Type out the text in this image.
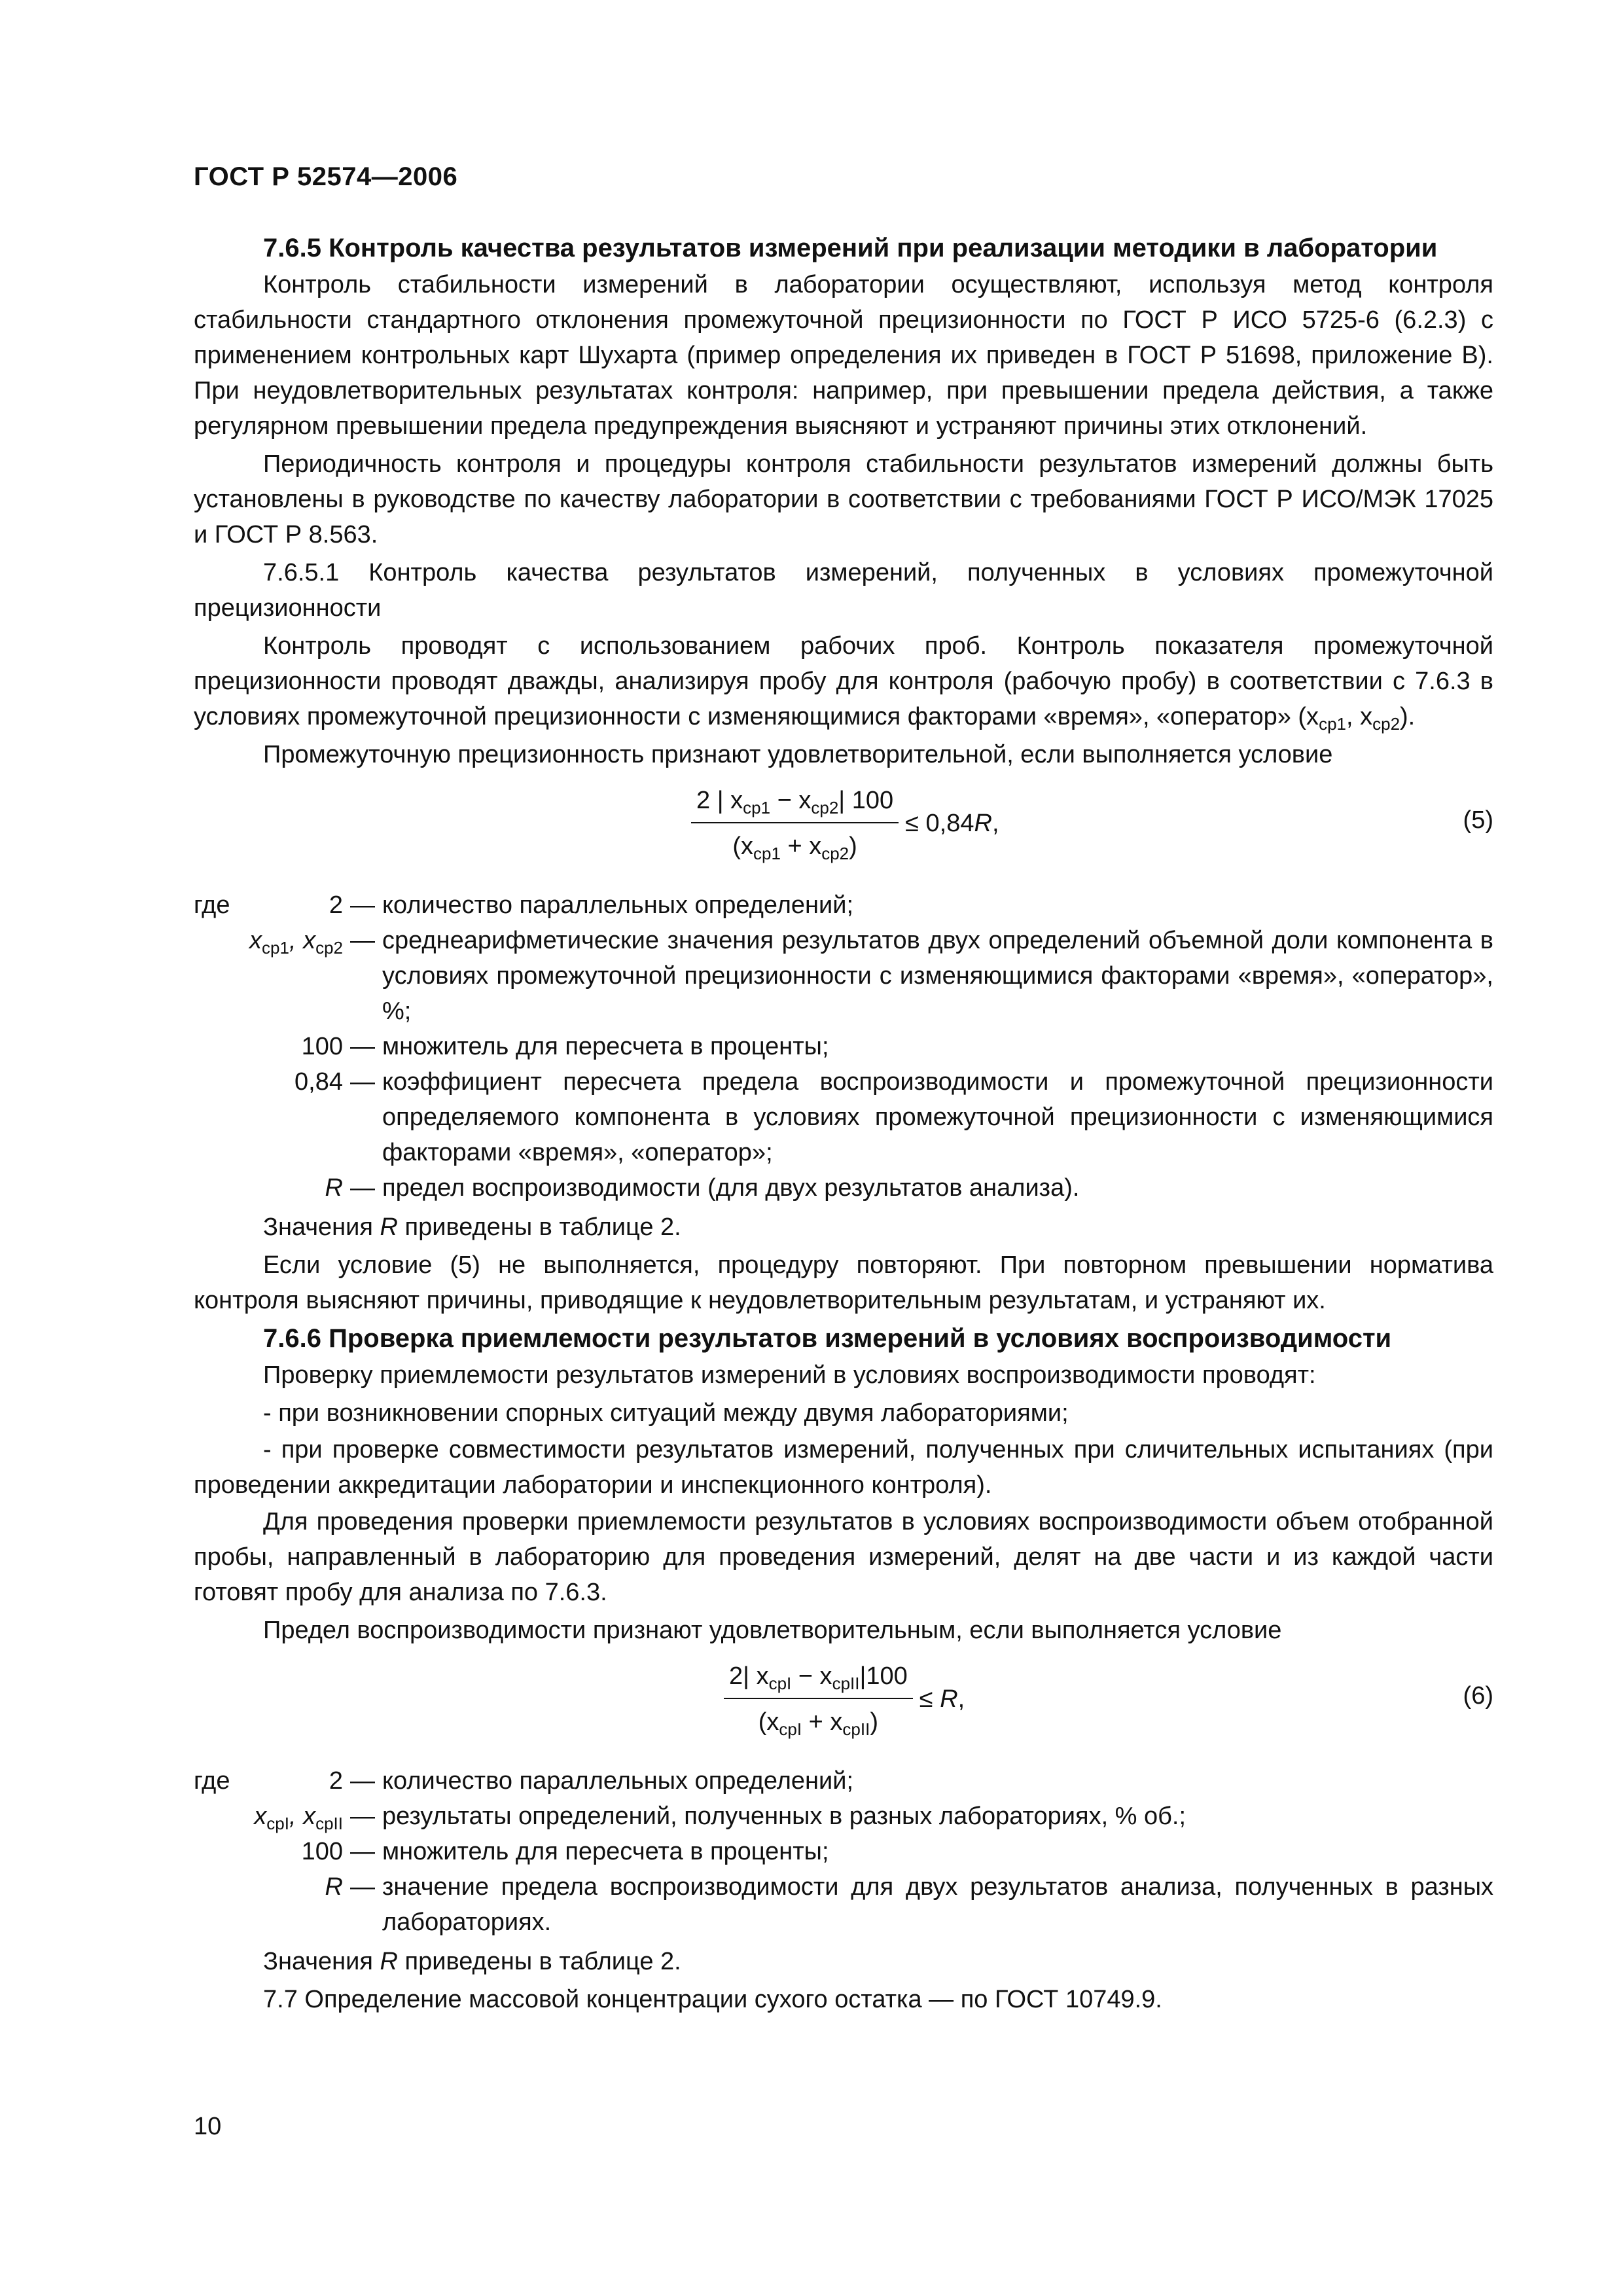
ГОСТ Р 52574—2006
7.6.5 Контроль качества результатов измерений при реализации методики в лаборатории
Контроль стабильности измерений в лаборатории осуществляют, используя метод контроля стабильности стандартного отклонения промежуточной прецизионности по ГОСТ Р ИСО 5725-6 (6.2.3) с применением контрольных карт Шухарта (пример определения их приведен в ГОСТ Р 51698, приложение В). При неудовлетворительных результатах контроля: например, при превышении предела действия, а также регулярном превышении предела предупреждения выясняют и устраняют причины этих отклонений.
Периодичность контроля и процедуры контроля стабильности результатов измерений должны быть установлены в руководстве по качеству лаборатории в соответствии с требованиями ГОСТ Р ИСО/МЭК 17025 и ГОСТ Р 8.563.
7.6.5.1 Контроль качества результатов измерений, полученных в условиях промежуточной прецизионности
Контроль проводят с использованием рабочих проб. Контроль показателя промежуточной прецизионности проводят дважды, анализируя пробу для контроля (рабочую пробу) в соответствии с 7.6.3 в условиях промежуточной прецизионности с изменяющимися факторами «время», «оператор» ($x_{ср1}$, $x_{ср2}$).
Промежуточную прецизионность признают удовлетворительной, если выполняется условие
$\frac{2 | x_{ср1} - x_{ср2}| 100}{(x_{ср1} + x_{ср2})} \le 0,84R$,	(5)
где	2 — количество параллельных определений;
$x_{ср1}$, $x_{ср2}$ — среднеарифметические значения результатов двух определений объемной доли компонента в условиях промежуточной прецизионности с изменяющимися факторами «время», «оператор», %;
100 — множитель для пересчета в проценты;
0,84 — коэффициент пересчета предела воспроизводимости и промежуточной прецизионности определяемого компонента в условиях промежуточной прецизионности с изменяющимися факторами «время», «оператор»;
R — предел воспроизводимости (для двух результатов анализа).
Значения R приведены в таблице 2.
Если условие (5) не выполняется, процедуру повторяют. При повторном превышении норматива контроля выясняют причины, приводящие к неудовлетворительным результатам, и устраняют их.
7.6.6 Проверка приемлемости результатов измерений в условиях воспроизводимости
Проверку приемлемости результатов измерений в условиях воспроизводимости проводят:
- при возникновении спорных ситуаций между двумя лабораториями;
- при проверке совместимости результатов измерений, полученных при сличительных испытаниях (при проведении аккредитации лаборатории и инспекционного контроля).
Для проведения проверки приемлемости результатов в условиях воспроизводимости объем отобранной пробы, направленный в лабораторию для проведения измерений, делят на две части и из каждой части готовят пробу для анализа по 7.6.3.
Предел воспроизводимости признают удовлетворительным, если выполняется условие
$\frac{2| x_{cpI} - x_{cpII}|100}{(x_{cpI} + x_{cpII})} \le R$,	(6)
где	2 — количество параллельных определений;
$x_{cpI}$, $x_{cpII}$ — результаты определений, полученных в разных лабораториях, % об.;
100 — множитель для пересчета в проценты;
R — значение предела воспроизводимости для двух результатов анализа, полученных в разных лабораториях.
Значения R приведены в таблице 2.
7.7 Определение массовой концентрации сухого остатка — по ГОСТ 10749.9.
10
